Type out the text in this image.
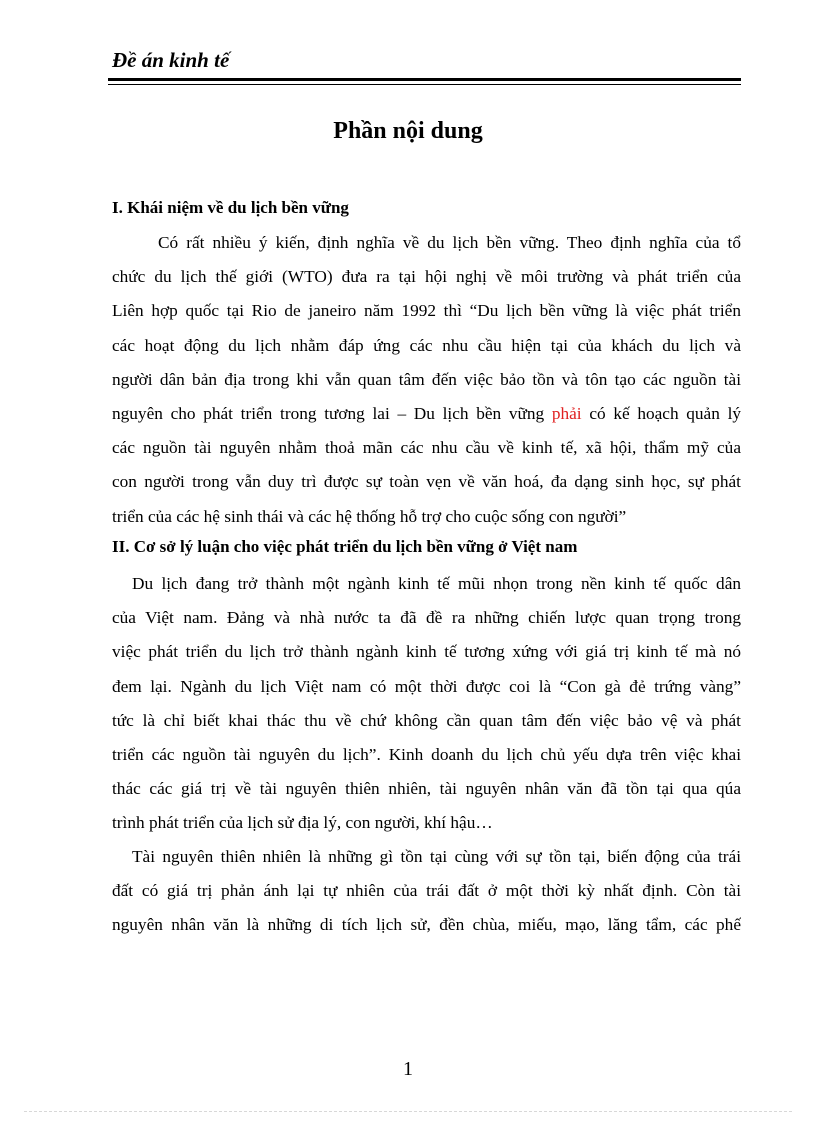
Đề án kinh tế
Phần nội dung
I. Khái niệm về du lịch bền vững
Có rất nhiều ý kiến, định nghĩa về du lịch bền vững. Theo định nghĩa của tổ
chức du lịch thế giới (WTO) đưa ra tại hội nghị về môi trường và phát triển của
Liên hợp quốc tại Rio de janeiro năm 1992 thì “Du lịch bền vững là việc phát triển
các hoạt động du lịch nhằm đáp ứng các nhu cầu hiện tại của khách du lịch và
người dân bản địa trong khi vẫn quan tâm đến việc bảo tồn và tôn tạo các nguồn tài
nguyên cho phát triển trong tương lai – Du lịch bền vững phải có kế hoạch quản lý
các nguồn tài nguyên nhằm thoả mãn các nhu cầu về kinh tế, xã hội, thẩm mỹ của
con người trong vẫn duy trì được sự toàn vẹn về văn hoá, đa dạng sinh học, sự phát
triển của các hệ sinh thái và các hệ thống hỗ trợ cho cuộc sống con người”
II. Cơ sở lý luận cho việc phát triển du lịch bền vững ở Việt nam
Du lịch đang trở thành một ngành kinh tế mũi nhọn trong nền kinh tế quốc dân
của Việt nam. Đảng và nhà nước ta đã đề ra những chiến lược quan trọng trong
việc phát triển du lịch trở thành ngành kinh tế tương xứng với giá trị kinh tế mà nó
đem lại. Ngành du lịch Việt nam có một thời được coi là “Con gà đẻ trứng vàng”
tức là chỉ biết khai thác thu về chứ không cần quan tâm đến việc bảo vệ và phát
triển các nguồn tài nguyên du lịch”. Kinh doanh du lịch chủ yếu dựa trên việc khai
thác các giá trị về tài nguyên thiên nhiên, tài nguyên nhân văn đã tồn tại qua qúa
trình phát triển của lịch sử địa lý, con người, khí hậu…
Tài nguyên thiên nhiên là những gì tồn tại cùng với sự tồn tại, biến động của trái
đất có giá trị phản ánh lại tự nhiên của trái đất ở một thời kỳ nhất định. Còn tài
nguyên nhân văn là những di tích lịch sử, đền chùa, miếu, mạo, lăng tẩm, các phế
1
